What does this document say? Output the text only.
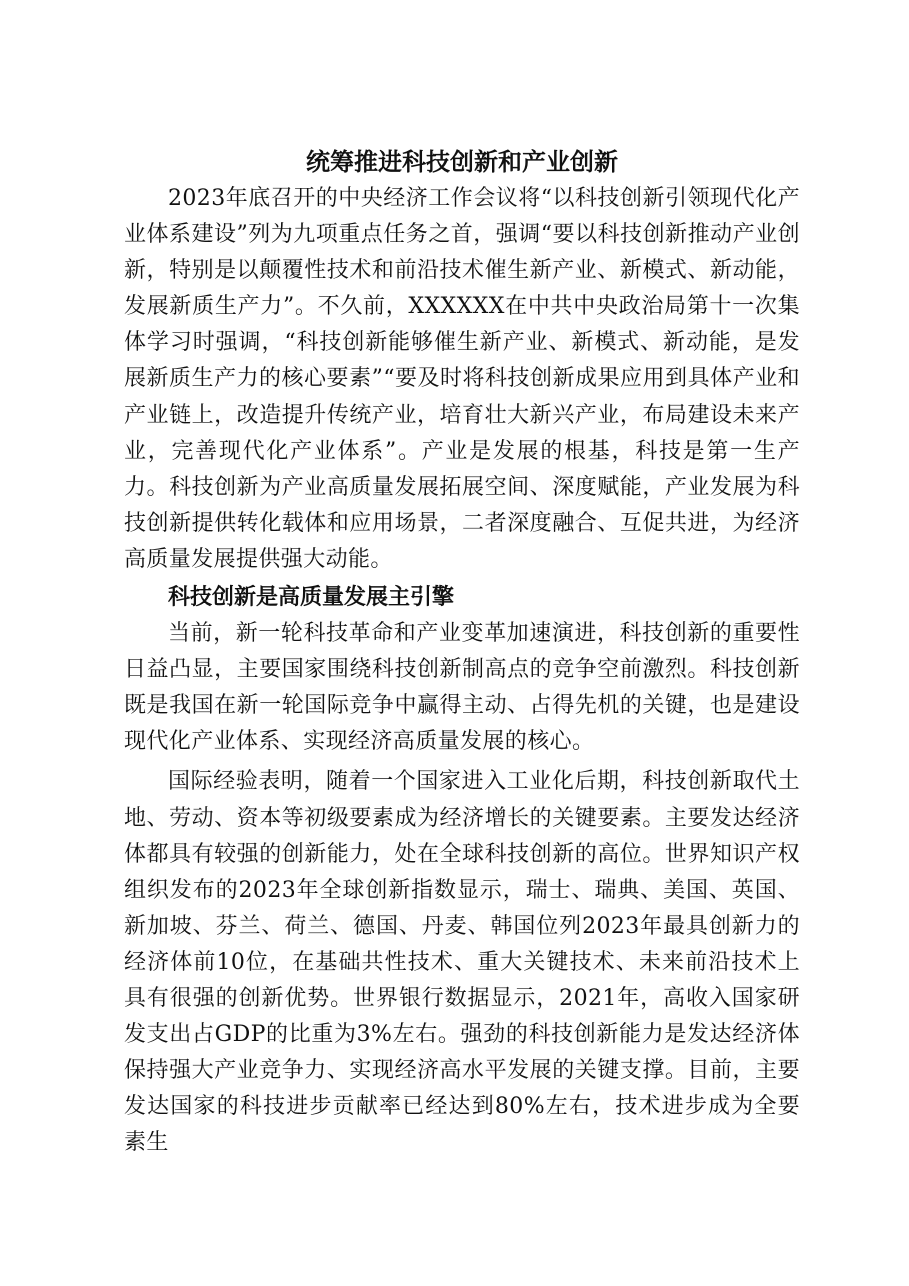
统筹推进科技创新和产业创新

2023年底召开的中央经济工作会议将“以科技创新引领现代化产业体系建设”列为九项重点任务之首，强调“要以科技创新推动产业创新，特别是以颠覆性技术和前沿技术催生新产业、新模式、新动能，发展新质生产力”。不久前，XXXXXX在中共中央政治局第十一次集体学习时强调，“科技创新能够催生新产业、新模式、新动能，是发展新质生产力的核心要素”“要及时将科技创新成果应用到具体产业和产业链上，改造提升传统产业，培育壮大新兴产业，布局建设未来产业，完善现代化产业体系”。产业是发展的根基，科技是第一生产力。科技创新为产业高质量发展拓展空间、深度赋能，产业发展为科技创新提供转化载体和应用场景，二者深度融合、互促共进，为经济高质量发展提供强大动能。

科技创新是高质量发展主引擎

当前，新一轮科技革命和产业变革加速演进，科技创新的重要性日益凸显，主要国家围绕科技创新制高点的竞争空前激烈。科技创新既是我国在新一轮国际竞争中赢得主动、占得先机的关键，也是建设现代化产业体系、实现经济高质量发展的核心。

国际经验表明，随着一个国家进入工业化后期，科技创新取代土地、劳动、资本等初级要素成为经济增长的关键要素。主要发达经济体都具有较强的创新能力，处在全球科技创新的高位。世界知识产权组织发布的2023年全球创新指数显示，瑞士、瑞典、美国、英国、新加坡、芬兰、荷兰、德国、丹麦、韩国位列2023年最具创新力的经济体前10位，在基础共性技术、重大关键技术、未来前沿技术上具有很强的创新优势。世界银行数据显示，2021年，高收入国家研发支出占GDP的比重为3%左右。强劲的科技创新能力是发达经济体保持强大产业竞争力、实现经济高水平发展的关键支撑。目前，主要发达国家的科技进步贡献率已经达到80%左右，技术进步成为全要素生
